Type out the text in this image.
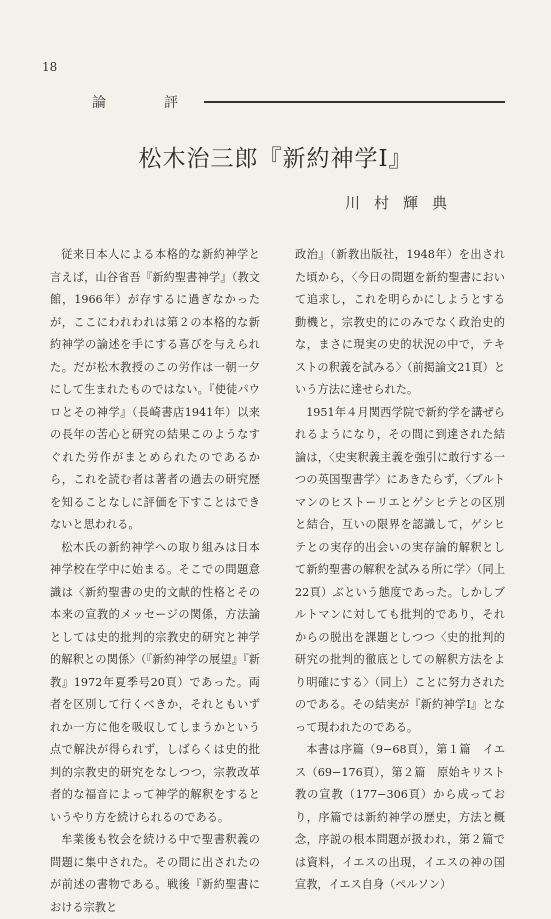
18
論　評
松木治三郎『新約神学Ⅰ』
川村輝典

従来日本人による本格的な新約神学と言えば，山谷省吾『新約聖書神学』（教文館，1966年）が存するに過ぎなかったが，ここにわれわれは第２の本格的な新約神学の論述を手にする喜びを与えられた。だが松木教授のこの労作は一朝一夕にして生まれたものではない。『使徒パウロとその神学』（長崎書店1941年）以来の長年の苦心と研究の結果このようなすぐれた労作がまとめられたのであるから，これを読む者は著者の過去の研究歴を知ることなしに評価を下すことはできないと思われる。

松木氏の新約神学への取り組みは日本神学校在学中に始まる。そこでの問題意識は〈新約聖書の史的文献的性格とその本来の宣教的メッセージの関係，方法論としては史的批判的宗教史的研究と神学的解釈との関係〉（『新約神学の展望』『新教』1972年夏季号20頁）であった。両者を区別して行くべきか，それともいずれか一方に他を吸収してしまうかという点で解決が得られず，しばらくは史的批判的宗教史的研究をなしつつ，宗教改革者的な福音によって神学的解釈をするというやり方を続けられるのである。

牟業後も牧会を続ける中で聖書釈義の問題に集中された。その間に出されたのが前述の書物である。戦後『新約聖書における宗教と

政治』（新教出版社，1948年）を出された頃から，〈今日の問題を新約聖書において追求し，これを明らかにしようとする動機と，宗教史的にのみでなく政治史的な，まさに現実の史的状況の中で，テキストの釈義を試みる〉（前掲論文21頁）という方法に達せられた。

1951年４月関西学院で新約学を講ぜられるようになり，その間に到達された結論は，〈史実釈義主義を強引に敢行する一つの英国聖書学〉にあきたらず，〈ブルトマンのヒストーリエとゲシヒテとの区別と結合，互いの限界を認識して，ゲシヒテとの実存的出会いの実存論的解釈として新約聖書の解釈を試みる所に学〉（同上22頁）ぶという態度であった。しかしブルトマンに対しても批判的であり，それからの脱出を課題としつつ〈史的批判的研究の批判的徹底としての解釈方法をより明確にする〉（同上）ことに努力されたのである。その結実が『新約神学Ⅰ』となって現われたのである。

本書は序篇（9−68頁），第１篇　イエス（69−176頁），第２篇　原始キリスト教の宣教（177−306頁）から成っており，序篇では新約神学の歴史，方法と概念，序説の根本問題が扱われ，第２篇では資料，イエスの出現，イエスの神の国宣教，イエス自身（ペルソン）
